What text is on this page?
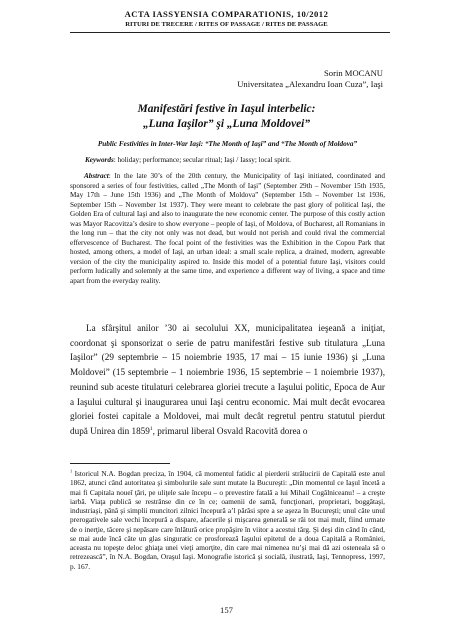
ACTA IASSYENSIA COMPARATIONIS, 10/2012
RITURI DE TRECERE / RITES OF PASSAGE / RITES DE PASSAGE
Sorin MOCANU
Universitatea „Alexandru Ioan Cuza”, Iaşi
Manifestări festive în Iaşul interbelic:
„Luna Iaşilor” şi „Luna Moldovei”
Public Festivities in Inter-War Iaşi: “The Month of Iaşi” and “The Month of Moldova”
Keywords: holiday; performance; secular ritual; Iaşi / Iassy; local spirit.

Abstract: In the late 30’s of the 20th century, the Municipality of Iaşi initiated, coordinated and sponsored a series of four festivities, called „The Month of Iaşi” (September 29th – November 15th 1935, May 17th – June 15th 1936) and „The Month of Moldova” (September 15th – November 1st 1936, September 15th – November 1st 1937). They were meant to celebrate the past glory of political Iaşi, the Golden Era of cultural Iaşi and also to inaugurate the new economic center. The purpose of this costly action was Mayor Racovitza’s desire to show everyone – people of Iaşi, of Moldova, of Bucharest, all Romanians in the long run – that the city not only was not dead, but would not perish and could rival the commercial effervescence of Bucharest. The focal point of the festivities was the Exhibition in the Copou Park that hosted, among others, a model of Iaşi, an urban ideal: a small scale replica, a drained, modern, agreeable version of the city the municipality aspired to. Inside this model of a potential future Iaşi, visitors could perform ludically and solemnly at the same time, and experience a different way of living, a space and time apart from the everyday reality.

La sfârşitul anilor ’30 ai secolului XX, municipalitatea ieşeană a iniţiat, coordonat şi sponsorizat o serie de patru manifestări festive sub titulatura „Luna Iaşilor” (29 septembrie – 15 noiembrie 1935, 17 mai – 15 iunie 1936) şi „Luna Moldovei” (15 septembrie – 1 noiembrie 1936, 15 septembrie – 1 noiembrie 1937), reunind sub aceste titulaturi celebrarea gloriei trecute a Iaşului politic, Epoca de Aur a Iaşului cultural şi inaugurarea unui Iaşi centru economic. Mai mult decât evocarea gloriei fostei capitale a Moldovei, mai mult decât regretul pentru statutul pierdut după Unirea din 1859$^1$, primarul liberal Osvald Racovită dorea o

$^1$ Istoricul N.A. Bogdan preciza, în 1904, că momentul fatidic al pierderii strălucirii de Capitală este anul 1862, atunci când autoritatea şi simbolurile sale sunt mutate la Bucureşti: „Din momentul ce Iaşul încetă a mai fi Capitala noueĭ ţări, pe uliţele sale începu – o prevestire fatală a lui Mihail Cogălniceanu! – a creşte iarbă. Viaţa publică se restrânse din ce în ce; oamenii de samă, funcţionari, proprietari, boggătaşi, industriaşi, până şi simplii muncitori zilnici începură a’l părăsi spre a se aşeza în Bucureşti; unul câte unul prerogativele sale vechi începură a dispare, afacerile şi mişcarea generală se răi tot mai mult, fiind urmate de o inerţie, tăcere şi nepăsare care înlătură orice propăşire în viitor a acestui târg. Şi deşi din când în când, se mai aude încă câte un glas singuratic ce prosforează Iaşului epitetul de a doua Capitală a României, aceasta nu topeşte deloc ghiaţa unei vieţi amorţite, din care mai nimenea nu’şi mai dă azi osteneala să o retrezească”, în N.A. Bogdan, Oraşul Iaşi. Monografie istorică şi socială, ilustrată, Iaşi, Tennopress, 1997, p. 167.

157
